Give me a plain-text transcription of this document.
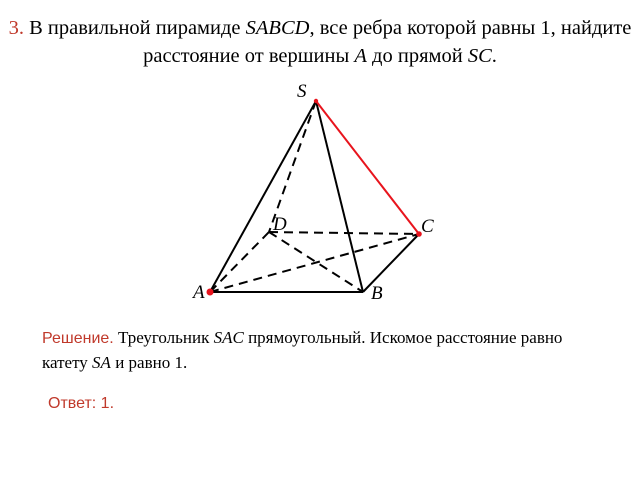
3. В правильной пирамиде SABCD, все ребра которой равны 1, найдите расстояние от вершины A до прямой SC.
S
D	C
A	B
Решение. Треугольник SAC прямоугольный. Искомое расстояние равно катету SA и равно 1.
Ответ: 1.
